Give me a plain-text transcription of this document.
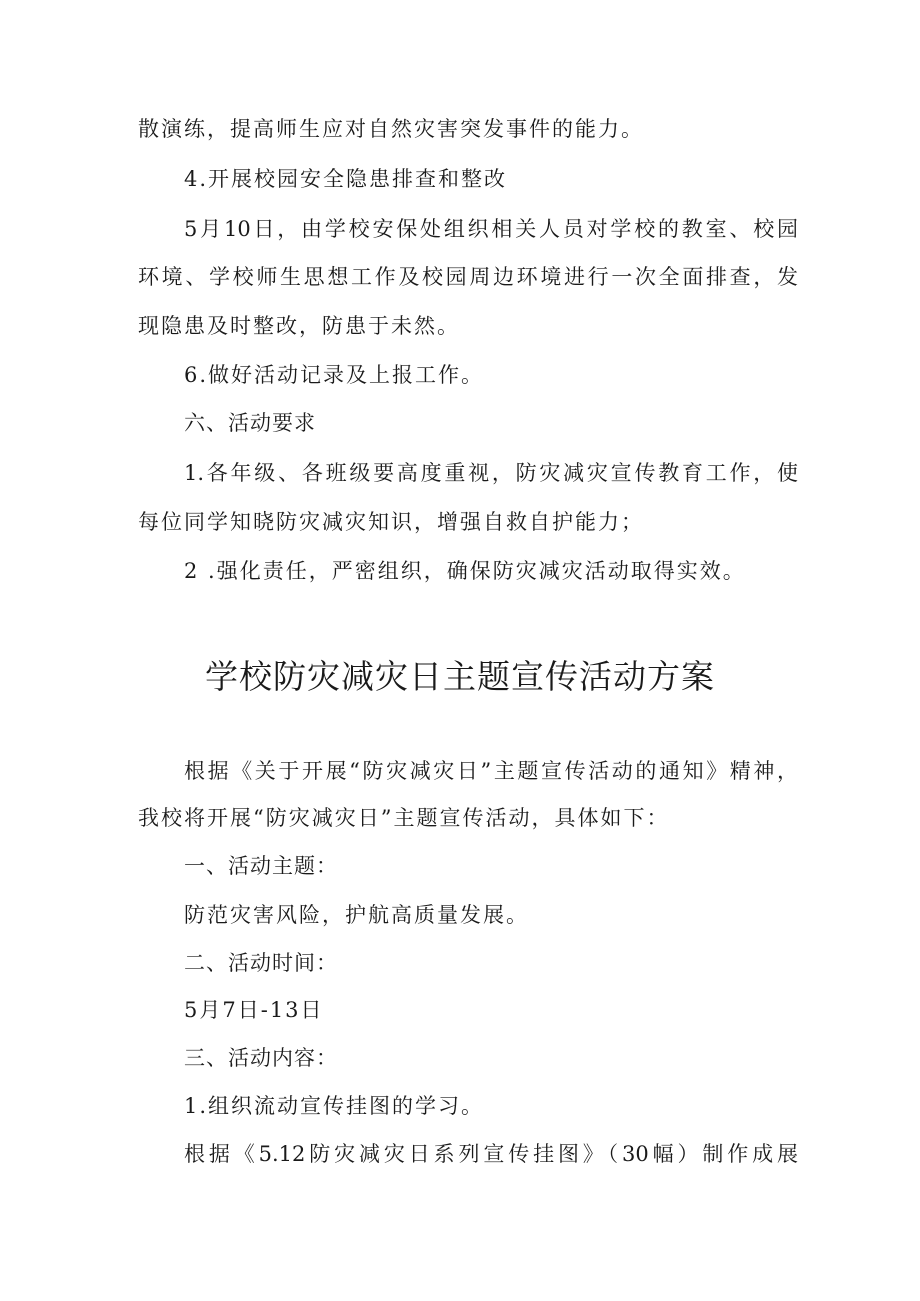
散演练，提高师生应对自然灾害突发事件的能力。
4.开展校园安全隐患排查和整改
5月10日，由学校安保处组织相关人员对学校的教室、校园
环境、学校师生思想工作及校园周边环境进行一次全面排查，发
现隐患及时整改，防患于未然。
6.做好活动记录及上报工作。
六、活动要求
1.各年级、各班级要高度重视，防灾减灾宣传教育工作，使
每位同学知晓防灾减灾知识，增强自救自护能力；
2 .强化责任，严密组织，确保防灾减灾活动取得实效。
学校防灾减灾日主题宣传活动方案
根据《关于开展“防灾减灾日”主题宣传活动的通知》精神，
我校将开展“防灾减灾日”主题宣传活动，具体如下：
一、活动主题：
防范灾害风险，护航高质量发展。
二、活动时间：
5月7日-13日
三、活动内容：
1.组织流动宣传挂图的学习。
根据《5.12防灾减灾日系列宣传挂图》（30幅）制作成展
